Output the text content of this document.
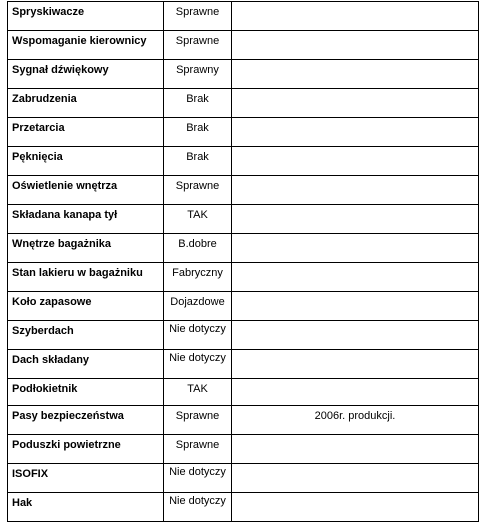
Spryskiwacze	Sprawne	
Wspomaganie kierownicy	Sprawne	
Sygnał dźwiękowy	Sprawny	
Zabrudzenia	Brak	
Przetarcia	Brak	
Pęknięcia	Brak	
Oświetlenie wnętrza	Sprawne	
Składana kanapa tył	TAK	
Wnętrze bagażnika	B.dobre	
Stan lakieru w bagażniku	Fabryczny	
Koło zapasowe	Dojazdowe	
Szyberdach	Nie dotyczy	
Dach składany	Nie dotyczy	
Podłokietnik	TAK	
Pasy bezpieczeństwa	Sprawne	2006r. produkcji.
Poduszki powietrzne	Sprawne	
ISOFIX	Nie dotyczy	
Hak	Nie dotyczy	
